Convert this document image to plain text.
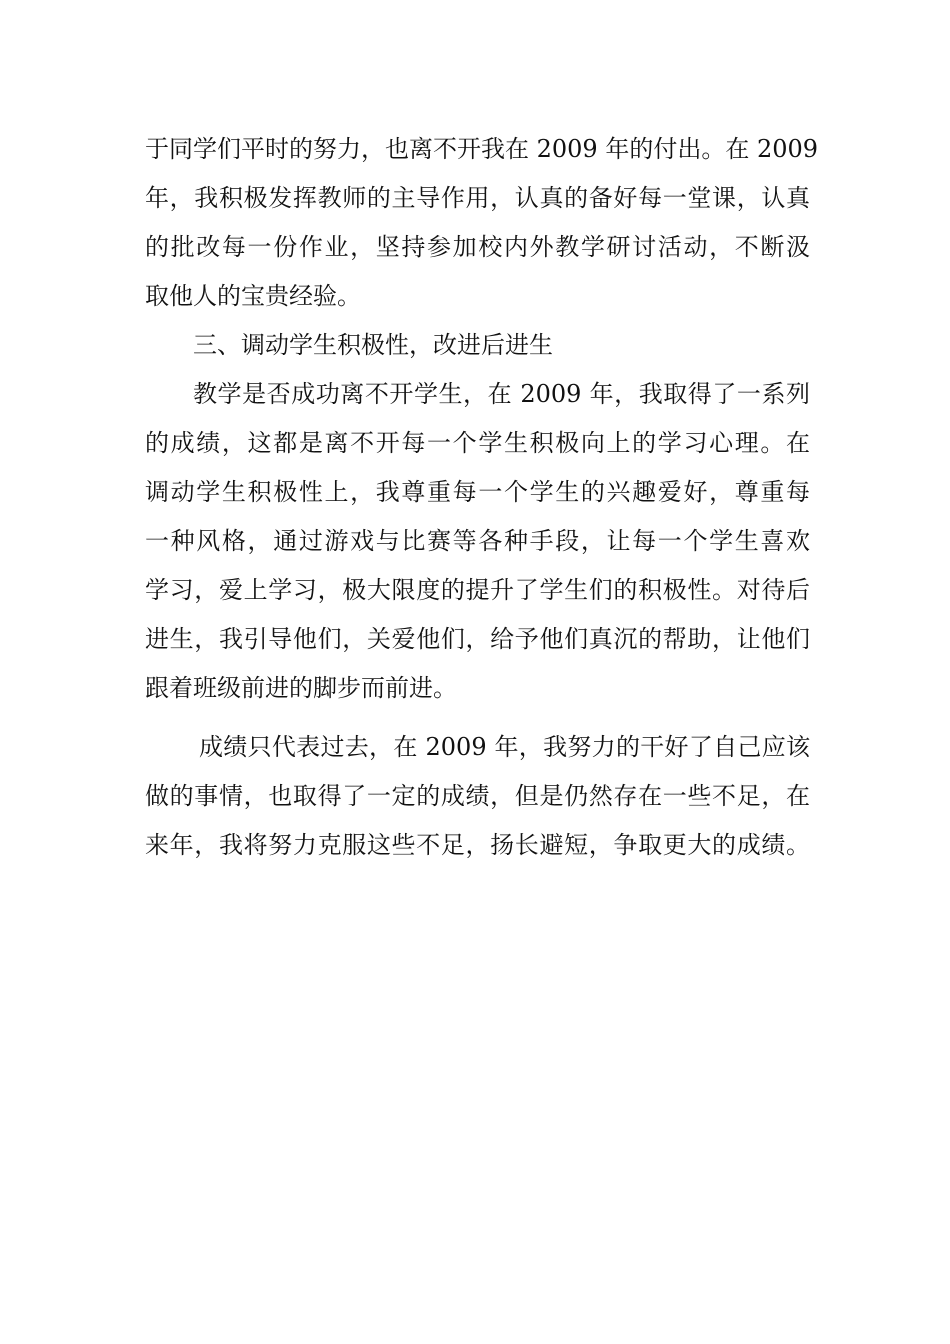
于同学们平时的努力，也离不开我在 2009 年的付出。在 2009
年，我积极发挥教师的主导作用，认真的备好每一堂课，认真
的批改每一份作业，坚持参加校内外教学研讨活动，不断汲
取他人的宝贵经验。
三、调动学生积极性，改进后进生
教学是否成功离不开学生，在 2009 年，我取得了一系列
的成绩，这都是离不开每一个学生积极向上的学习心理。在
调动学生积极性上，我尊重每一个学生的兴趣爱好，尊重每
一种风格，通过游戏与比赛等各种手段，让每一个学生喜欢
学习，爱上学习，极大限度的提升了学生们的积极性。对待后
进生，我引导他们，关爱他们，给予他们真沉的帮助，让他们
跟着班级前进的脚步而前进。
成绩只代表过去，在 2009 年，我努力的干好了自己应该
做的事情，也取得了一定的成绩，但是仍然存在一些不足，在
来年，我将努力克服这些不足，扬长避短，争取更大的成绩。
